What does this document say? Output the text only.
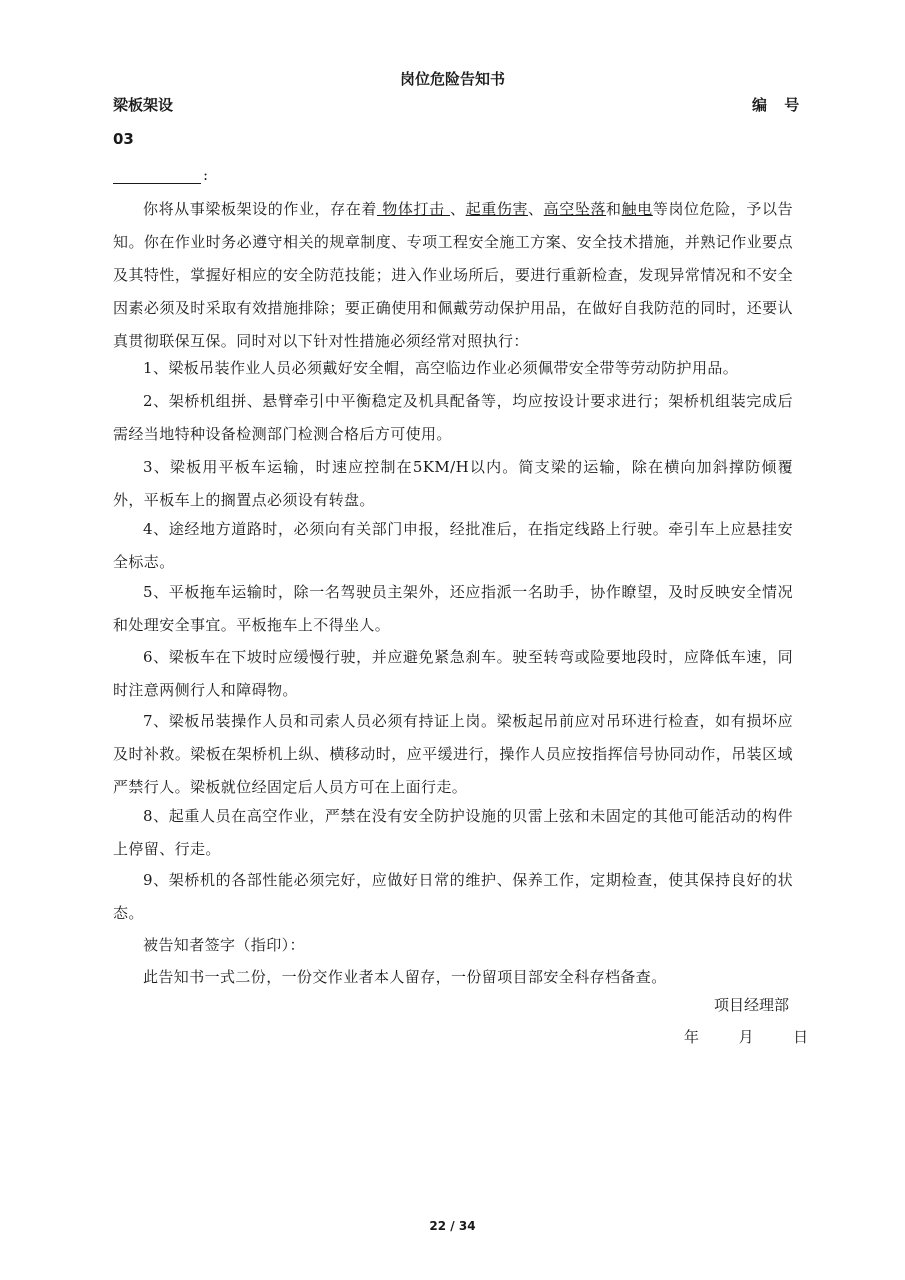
岗位危险告知书
梁板架设	编 号
03
:
你将从事梁板架设的作业，存在着 物体打击 、起重伤害、高空坠落和触电等岗位危险，予以告知。你在作业时务必遵守相关的规章制度、专项工程安全施工方案、安全技术措施，并熟记作业要点及其特性，掌握好相应的安全防范技能；进入作业场所后，要进行重新检查，发现异常情况和不安全因素必须及时采取有效措施排除；要正确使用和佩戴劳动保护用品，在做好自我防范的同时，还要认真贯彻联保互保。同时对以下针对性措施必须经常对照执行：
1、梁板吊装作业人员必须戴好安全帽，高空临边作业必须佩带安全带等劳动防护用品。
2、架桥机组拼、悬臂牵引中平衡稳定及机具配备等，均应按设计要求进行；架桥机组装完成后需经当地特种设备检测部门检测合格后方可使用。
3、梁板用平板车运输，时速应控制在5KM/H以内。简支梁的运输，除在横向加斜撑防倾覆外，平板车上的搁置点必须设有转盘。
4、途经地方道路时，必须向有关部门申报，经批准后，在指定线路上行驶。牵引车上应悬挂安全标志。
5、平板拖车运输时，除一名驾驶员主架外，还应指派一名助手，协作瞭望，及时反映安全情况和处理安全事宜。平板拖车上不得坐人。
6、梁板车在下坡时应缓慢行驶，并应避免紧急刹车。驶至转弯或险要地段时，应降低车速，同时注意两侧行人和障碍物。
7、梁板吊装操作人员和司索人员必须有持证上岗。梁板起吊前应对吊环进行检查，如有损坏应及时补救。梁板在架桥机上纵、横移动时，应平缓进行，操作人员应按指挥信号协同动作，吊装区域严禁行人。梁板就位经固定后人员方可在上面行走。
8、起重人员在高空作业，严禁在没有安全防护设施的贝雷上弦和未固定的其他可能活动的构件上停留、行走。
9、架桥机的各部性能必须完好，应做好日常的维护、保养工作，定期检查，使其保持良好的状态。
被告知者签字（指印）：
此告知书一式二份，一份交作业者本人留存，一份留项目部安全科存档备查。
项目经理部
年	月	日
22 / 34
